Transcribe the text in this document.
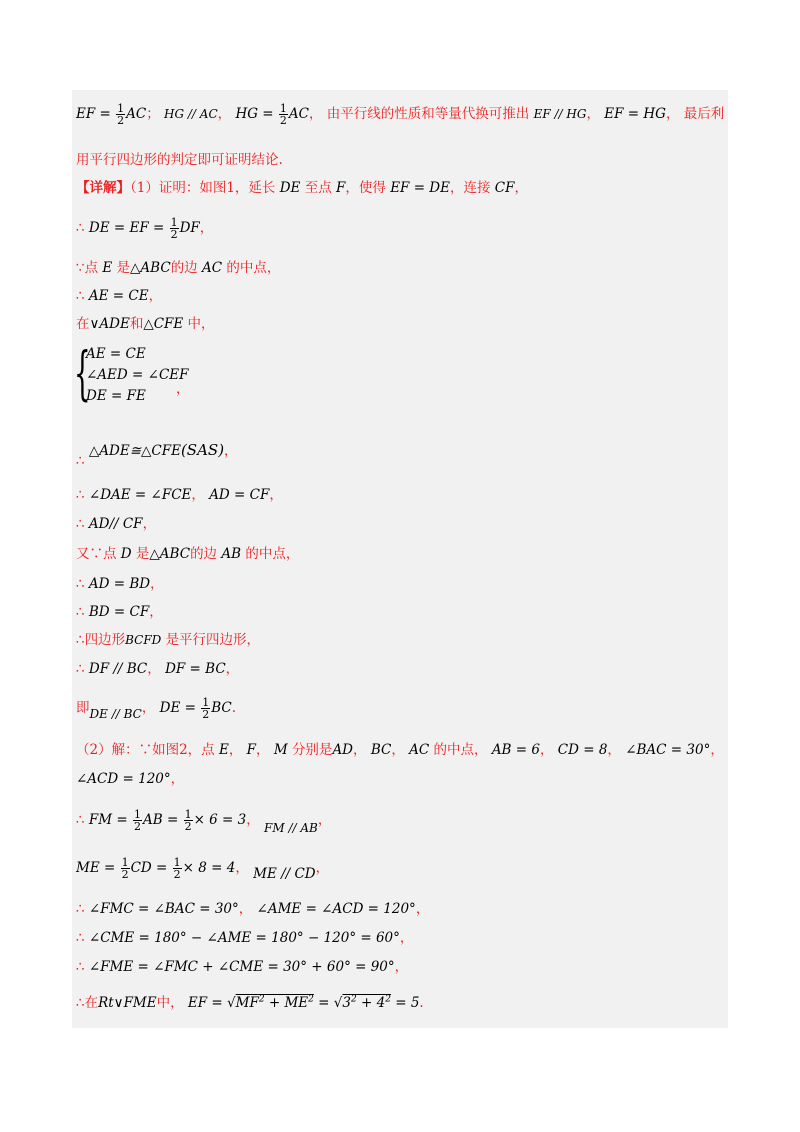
EF = $\frac{1}{2}$ AC； HG // AC， HG = $\frac{1}{2}$ AC， 由平行线的性质和等量代换可推出 EF // HG， EF = HG， 最后利
用平行四边形的判定即可证明结论.
【详解】（1）证明：如图1，延长 DE 至点 F，使得 EF = DE，连接 CF，
∴ DE = EF = $\frac{1}{2}$ DF，
∵点 E 是△ABC的边 AC 的中点，
∴ AE = CE，
在∨ADE和△CFE 中，
{
AE = CE
∠AED = ∠CEF
DE = FE	，
∴ △ADE≅△CFE(SAS)，
∴ ∠DAE = ∠FCE， AD = CF，
∴ AD// CF，
又∵点 D 是△ABC的边 AB 的中点，
∴ AD = BD，
∴ BD = CF，
∴四边形BCFD 是平行四边形，
∴ DF // BC， DF = BC，
即DE // BC， DE = $\frac{1}{2}$ BC.
（2）解：∵如图2，点 E， F， M 分别是AD， BC， AC 的中点， AB = 6， CD = 8， ∠BAC = 30°，
∠ACD = 120°，
∴ FM = $\frac{1}{2}$ AB = $\frac{1}{2} \times 6 = 3$， FM // AB，
ME = $\frac{1}{2}$ CD = $\frac{1}{2} \times 8 = 4$， ME // CD，
∴ ∠FMC = ∠BAC = 30°， ∠AME = ∠ACD = 120°，
∴ ∠CME = 180° − ∠AME = 180° − 120° = 60°，
∴ ∠FME = ∠FMC + ∠CME = 30° + 60° = 90°，
∴在Rt∨FME中， EF = $√MF^2 + ME^2 = √3^2 + 4^2 = 5$.
